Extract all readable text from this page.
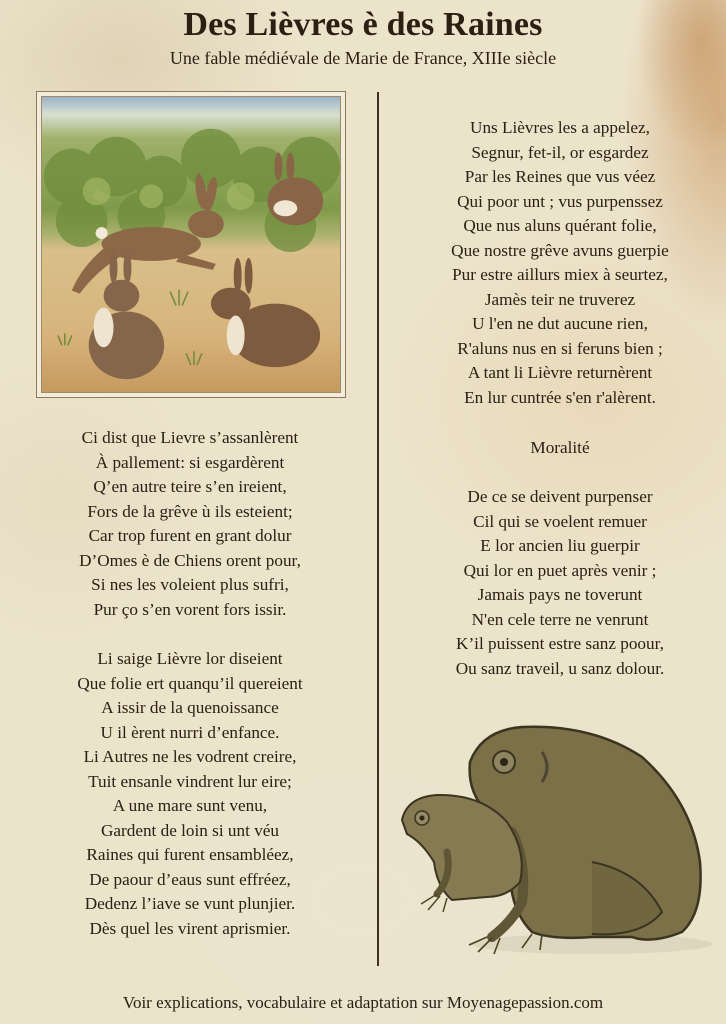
Des Lièvres è des Raines
Une fable médiévale de Marie de France, XIIIe siècle
Ci dist que Lievre s’assanlèrent
À pallement: si esgardèrent
Q’en autre teire s’en ireient,
Fors de la grêve ù ils esteient;
Car trop furent en grant dolur
D’Omes è de Chiens orent pour,
Si nes les voleient plus sufri,
Pur ço s’en vorent fors issir.
Li saige Lièvre lor diseient
Que folie ert quanqu’il quereient
A issir de la quenoissance
U il èrent nurri d’enfance.
Li Autres ne les vodrent creire,
Tuit ensanle vindrent lur eire;
A une mare sunt venu,
Gardent de loin si unt véu
Raines qui furent ensambléez,
De paour d’eaus sunt effréez,
Dedenz l’iave se vunt plunjier.
Dès quel les virent aprismier.
Uns Lièvres les a appelez,
Segnur, fet-il, or esgardez
Par les Reines que vus véez
Qui poor unt ; vus purpenssez
Que nus aluns quérant folie,
Que nostre grêve avuns guerpie
Pur estre aillurs miex à seurtez,
Jamès teir ne truverez
U l'en ne dut aucune rien,
R'aluns nus en si feruns bien ;
A tant li Lièvre returnèrent
En lur cuntrée s'en r'alèrent.
Moralité
De ce se deivent purpenser
Cil qui se voelent remuer
E lor ancien liu guerpir
Qui lor en puet après venir ;
Jamais pays ne toverunt
N'en cele terre ne venrunt
K’il puissent estre sanz poour,
Ou sanz traveil, u sanz dolour.
Voir explications, vocabulaire et adaptation sur Moyenagepassion.com
